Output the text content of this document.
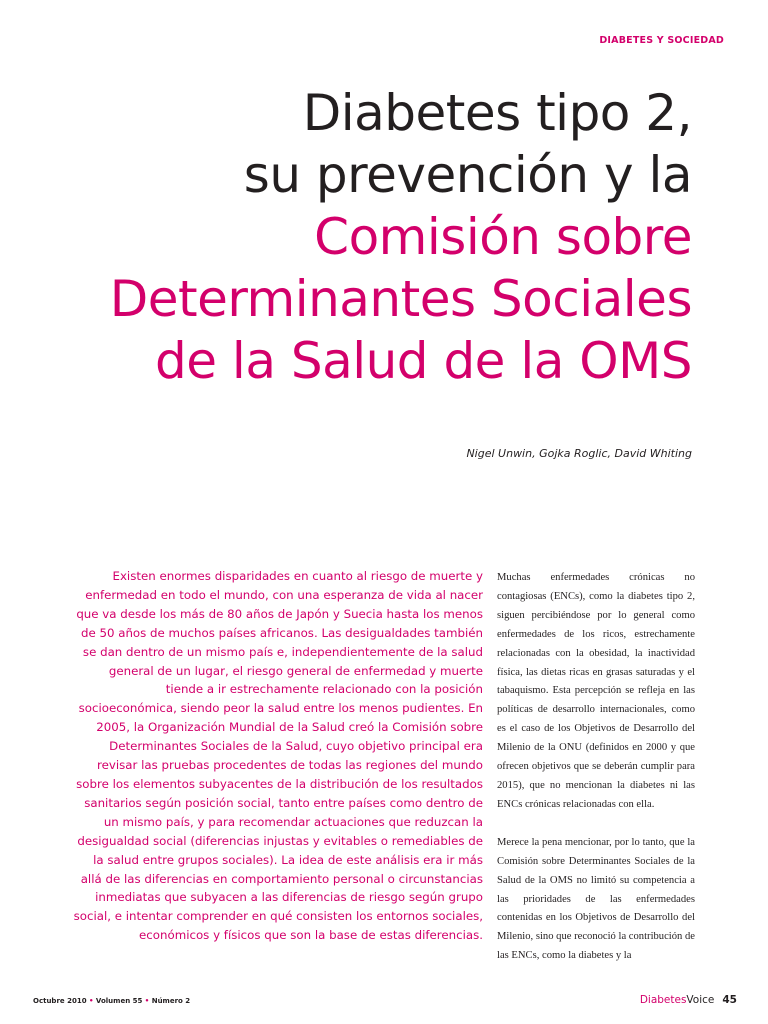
DIABETES Y SOCIEDAD
Diabetes tipo 2,
su prevención y la
Comisión sobre
Determinantes Sociales
de la Salud de la OMS
Nigel Unwin, Gojka Roglic, David Whiting
Existen enormes disparidades en cuanto al riesgo de muerte y enfermedad en todo el mundo, con una esperanza de vida al nacer que va desde los más de 80 años de Japón y Suecia hasta los menos de 50 años de muchos países africanos. Las desigualdades también se dan dentro de un mismo país e, independientemente de la salud general de un lugar, el riesgo general de enfermedad y muerte tiende a ir estrechamente relacionado con la posición socioeconómica, siendo peor la salud entre los menos pudientes. En 2005, la Organización Mundial de la Salud creó la Comisión sobre Determinantes Sociales de la Salud, cuyo objetivo principal era revisar las pruebas procedentes de todas las regiones del mundo sobre los elementos subyacentes de la distribución de los resultados sanitarios según posición social, tanto entre países como dentro de un mismo país, y para recomendar actuaciones que reduzcan la desigualdad social (diferencias injustas y evitables o remediables de la salud entre grupos sociales). La idea de este análisis era ir más allá de las diferencias en comportamiento personal o circunstancias inmediatas que subyacen a las diferencias de riesgo según grupo social, e intentar comprender en qué consisten los entornos sociales, económicos y físicos que son la base de estas diferencias.

Muchas enfermedades crónicas no contagiosas (ENCs), como la diabetes tipo 2, siguen percibiéndose por lo general como enfermedades de los ricos, estrechamente relacionadas con la obesidad, la inactividad física, las dietas ricas en grasas saturadas y el tabaquismo. Esta percepción se refleja en las políticas de desarrollo internacionales, como es el caso de los Objetivos de Desarrollo del Milenio de la ONU (definidos en 2000 y que ofrecen objetivos que se deberán cumplir para 2015), que no mencionan la diabetes ni las ENCs crónicas relacionadas con ella.

Merece la pena mencionar, por lo tanto, que la Comisión sobre Determinantes Sociales de la Salud de la OMS no limitó su competencia a las prioridades de las enfermedades contenidas en los Objetivos de Desarrollo del Milenio, sino que reconoció la contribución de las ENCs, como la diabetes y la

Octubre 2010 • Volumen 55 • Número 2	DiabetesVoice 45
